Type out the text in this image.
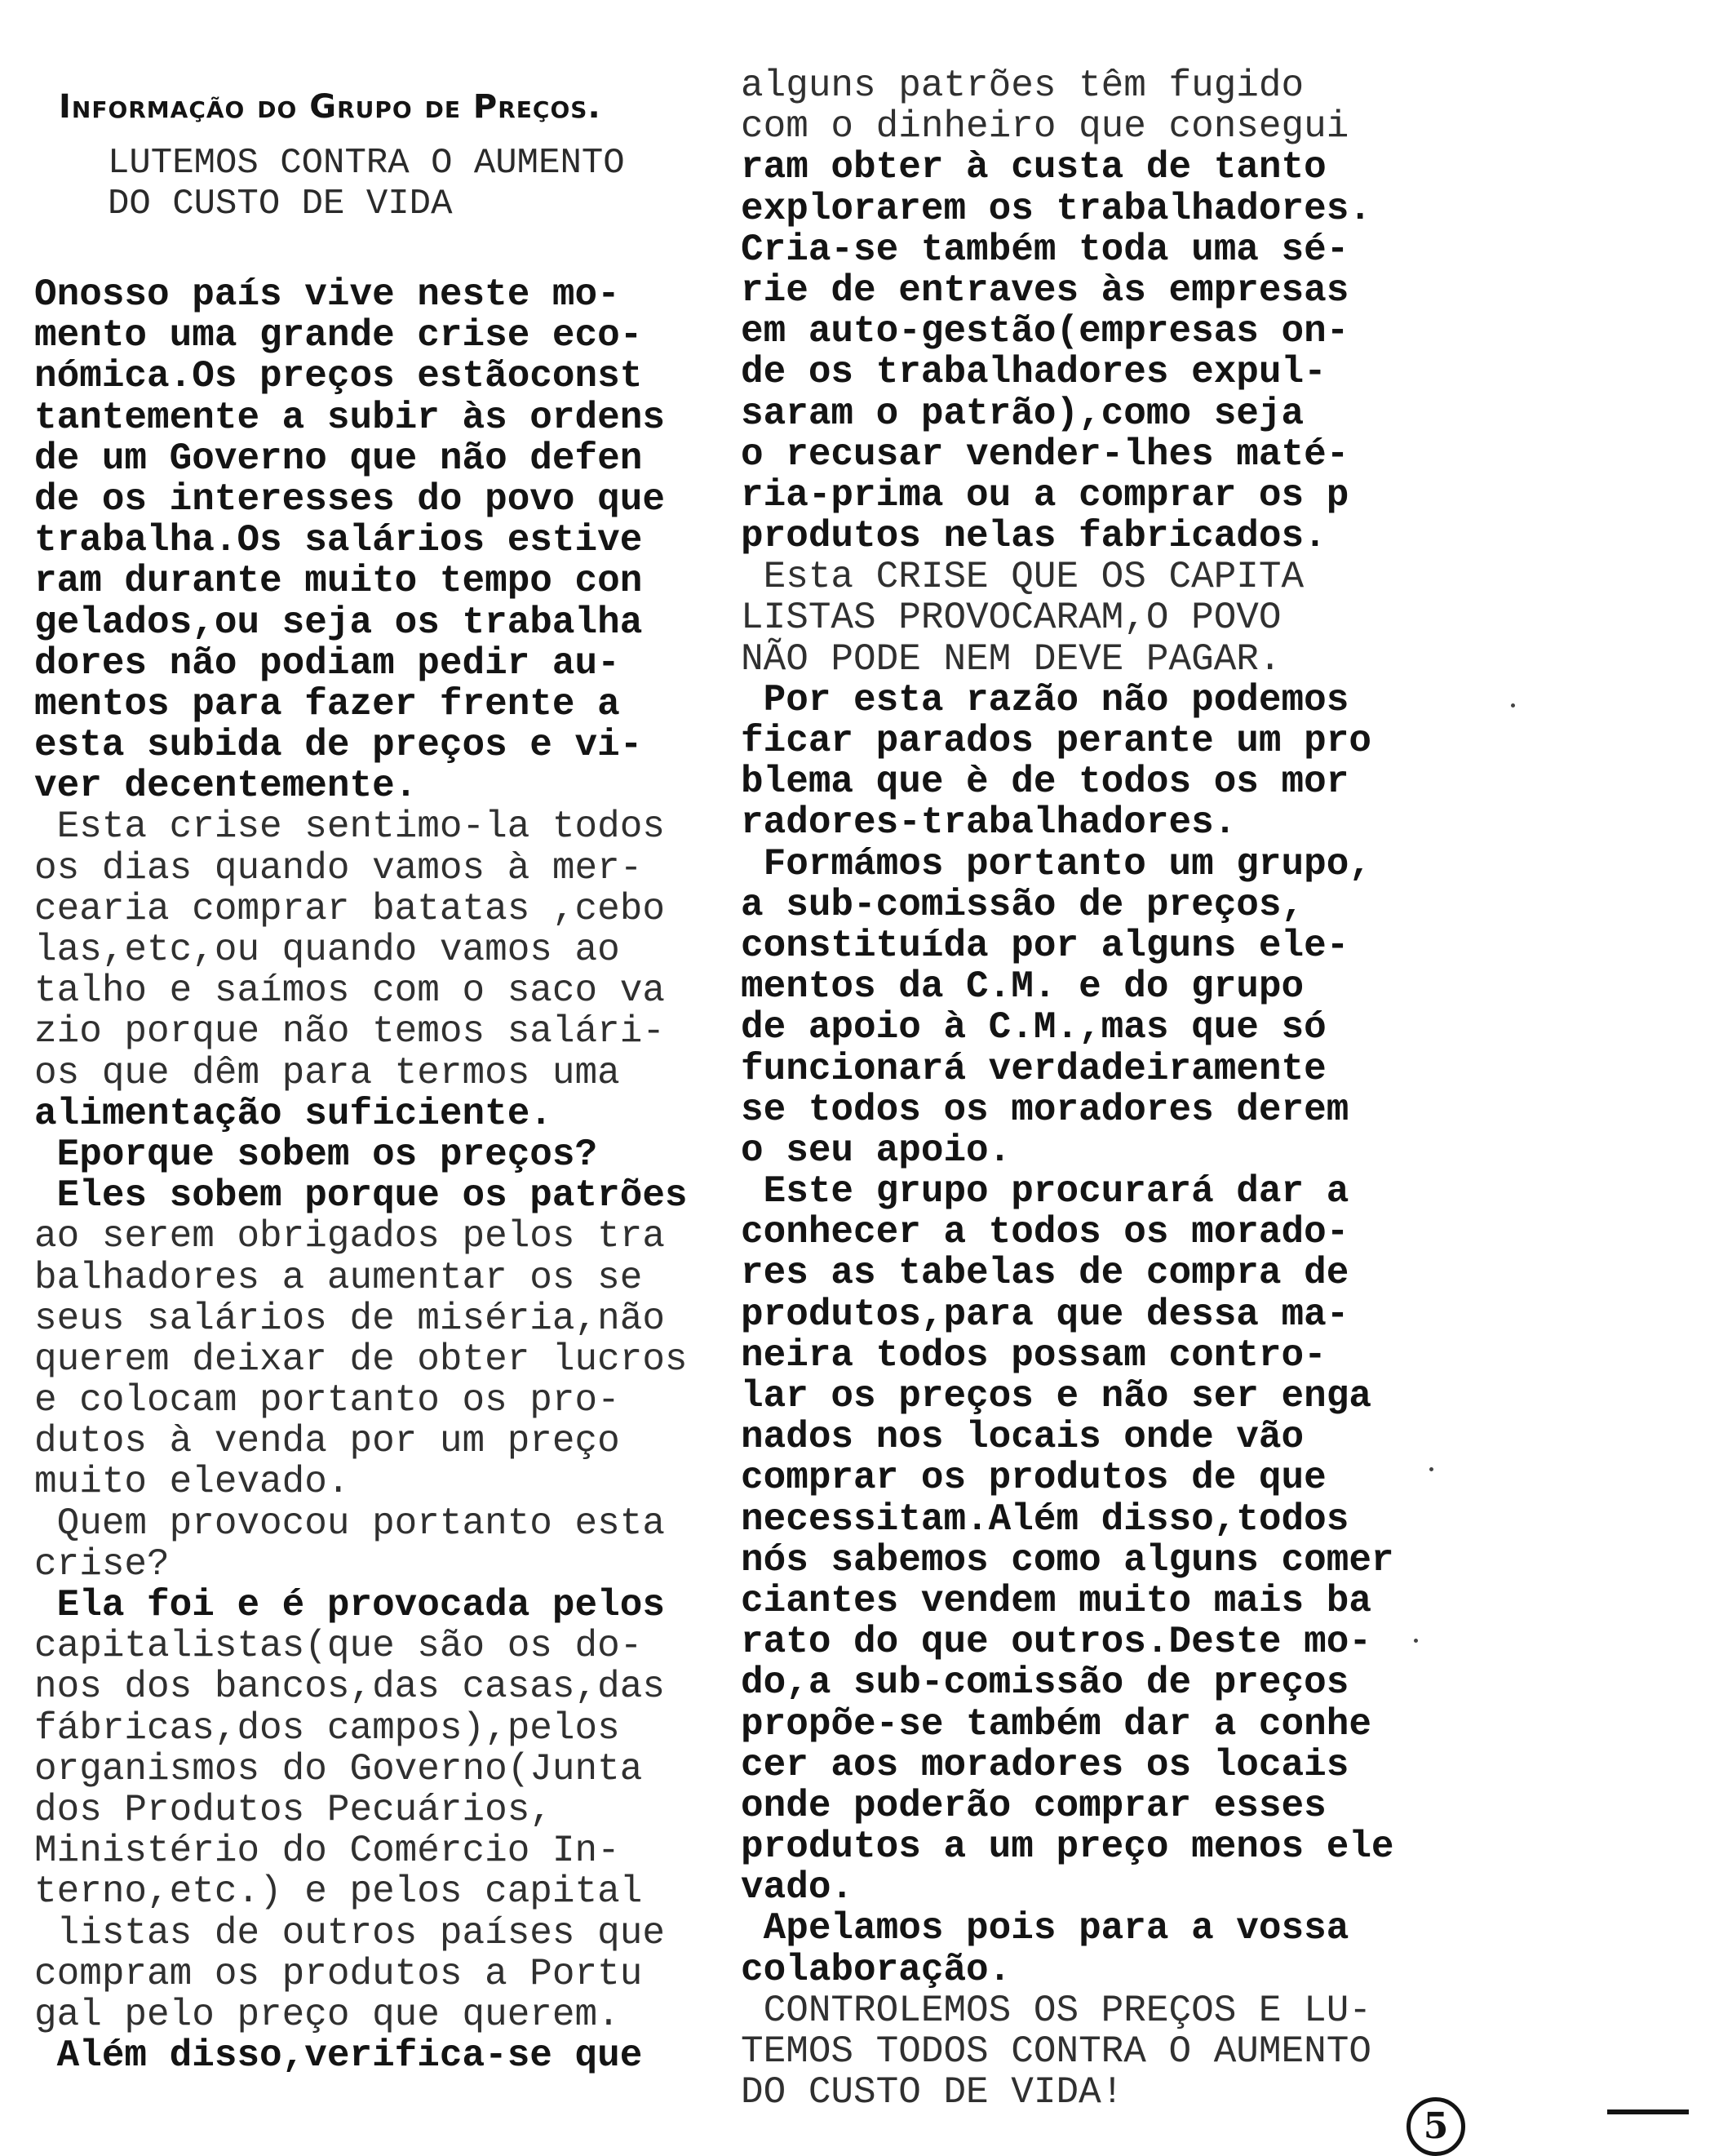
Informação do Grupo de Preços.
LUTEMOS CONTRA O AUMENTO
DO CUSTO DE VIDA
Onosso país vive neste mo-
mento uma grande crise eco-
nómica.Os preços estãoconst
tantemente a subir às ordens
de um Governo que não defen
de os interesses do povo que
trabalha.Os salários estive
ram durante muito tempo con
gelados,ou seja os trabalha
dores não podiam pedir au-
mentos para fazer frente a
esta subida de preços e vi-
ver decentemente.
Esta crise sentimo-la todos
os dias quando vamos à mer-
cearia comprar batatas ,cebo
las,etc,ou quando vamos ao
talho e saímos com o saco va
zio porque não temos salári-
os que dêm para termos uma
alimentação suficiente.
Eporque sobem os preços?
Eles sobem porque os patrões
ao serem obrigados pelos tra
balhadores a aumentar os se
seus salários de miséria,não
querem deixar de obter lucros
e colocam portanto os pro-
dutos à venda por um preço
muito elevado.
Quem provocou portanto esta
crise?
Ela foi e é provocada pelos
capitalistas(que são os do-
nos dos bancos,das casas,das
fábricas,dos campos),pelos
organismos do Governo(Junta
dos Produtos Pecuários,
Ministério do Comércio In-
terno,etc.) e pelos capital
listas de outros países que
compram os produtos a Portu
gal pelo preço que querem.
Além disso,verifica-se que
alguns patrões têm fugido
com o dinheiro que consegui
ram obter à custa de tanto
explorarem os trabalhadores.
Cria-se também toda uma sé-
rie de entraves às empresas
em auto-gestão(empresas on-
de os trabalhadores expul-
saram o patrão),como seja
o recusar vender-lhes maté-
ria-prima ou a comprar os p
produtos nelas fabricados.
Esta CRISE QUE OS CAPITA
LISTAS PROVOCARAM,O POVO
NÃO PODE NEM DEVE PAGAR.
Por esta razão não podemos
ficar parados perante um pro
blema que è de todos os mor
radores-trabalhadores.
Formámos portanto um grupo,
a sub-comissão de preços,
constituída por alguns ele-
mentos da C.M. e do grupo
de apoio à C.M.,mas que só
funcionará verdadeiramente
se todos os moradores derem
o seu apoio.
Este grupo procurará dar a
conhecer a todos os morado-
res as tabelas de compra de
produtos,para que dessa ma-
neira todos possam contro-
lar os preços e não ser enga
nados nos locais onde vão
comprar os produtos de que
necessitam.Além disso,todos
nós sabemos como alguns comer
ciantes vendem muito mais ba
rato do que outros.Deste mo-
do,a sub-comissão de preços
propõe-se também dar a conhe
cer aos moradores os locais
onde poderão comprar esses
produtos a um preço menos ele
vado.
Apelamos pois para a vossa
colaboração.
CONTROLEMOS OS PREÇOS E LU-
TEMOS TODOS CONTRA O AUMENTO
DO CUSTO DE VIDA!
5
